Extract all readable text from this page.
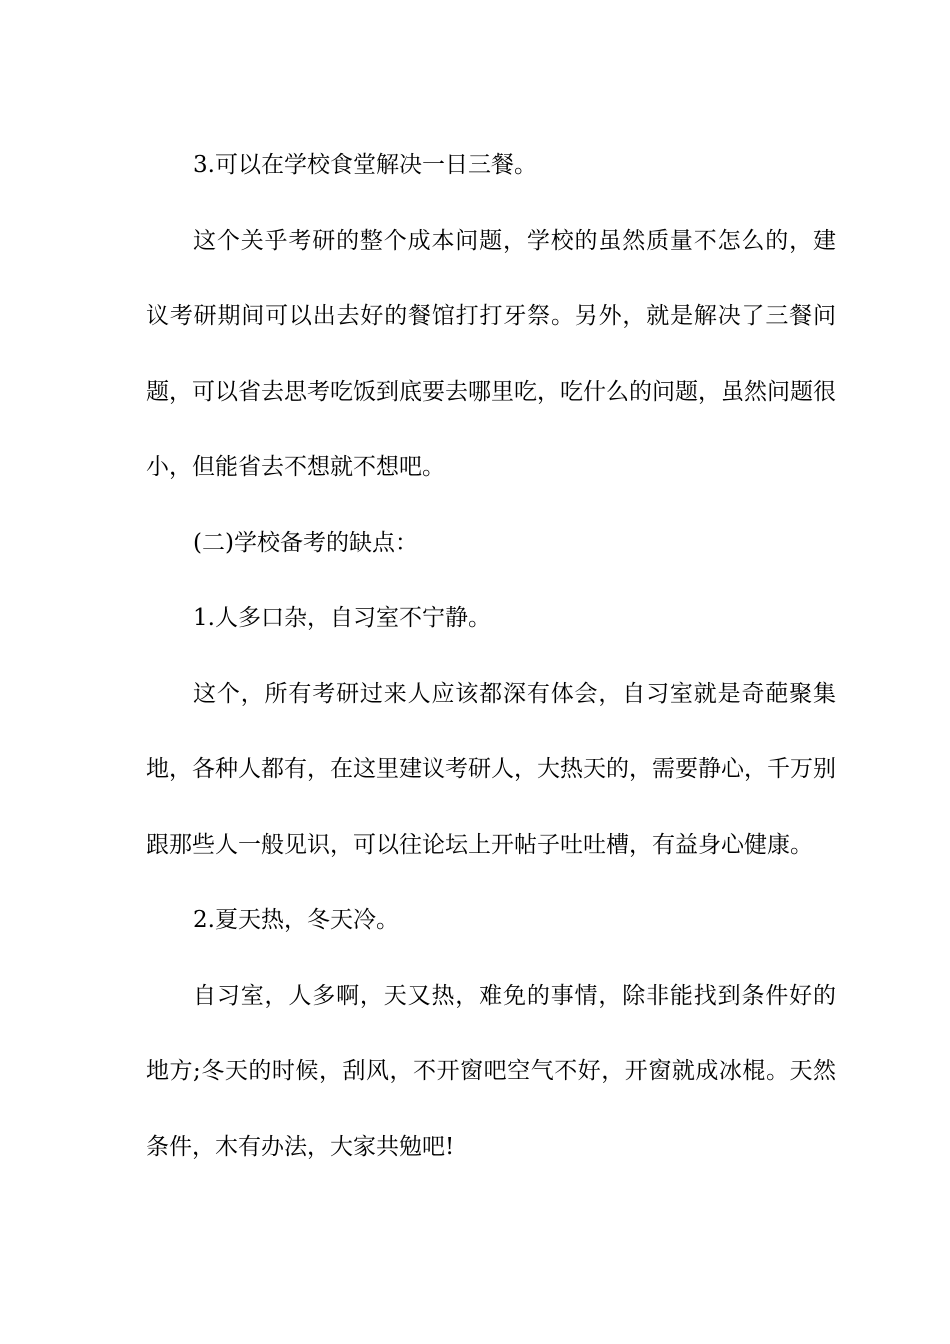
3.可以在学校食堂解决一日三餐。

这个关乎考研的整个成本问题，学校的虽然质量不怎么的，建议考研期间可以出去好的餐馆打打牙祭。另外，就是解决了三餐问题，可以省去思考吃饭到底要去哪里吃，吃什么的问题，虽然问题很小，但能省去不想就不想吧。

(二)学校备考的缺点：

1.人多口杂，自习室不宁静。

这个，所有考研过来人应该都深有体会，自习室就是奇葩聚集地，各种人都有，在这里建议考研人，大热天的，需要静心，千万别跟那些人一般见识，可以往论坛上开帖子吐吐槽，有益身心健康。

2.夏天热，冬天冷。

自习室，人多啊，天又热，难免的事情，除非能找到条件好的地方;冬天的时候，刮风，不开窗吧空气不好，开窗就成冰棍。天然条件，木有办法，大家共勉吧!
